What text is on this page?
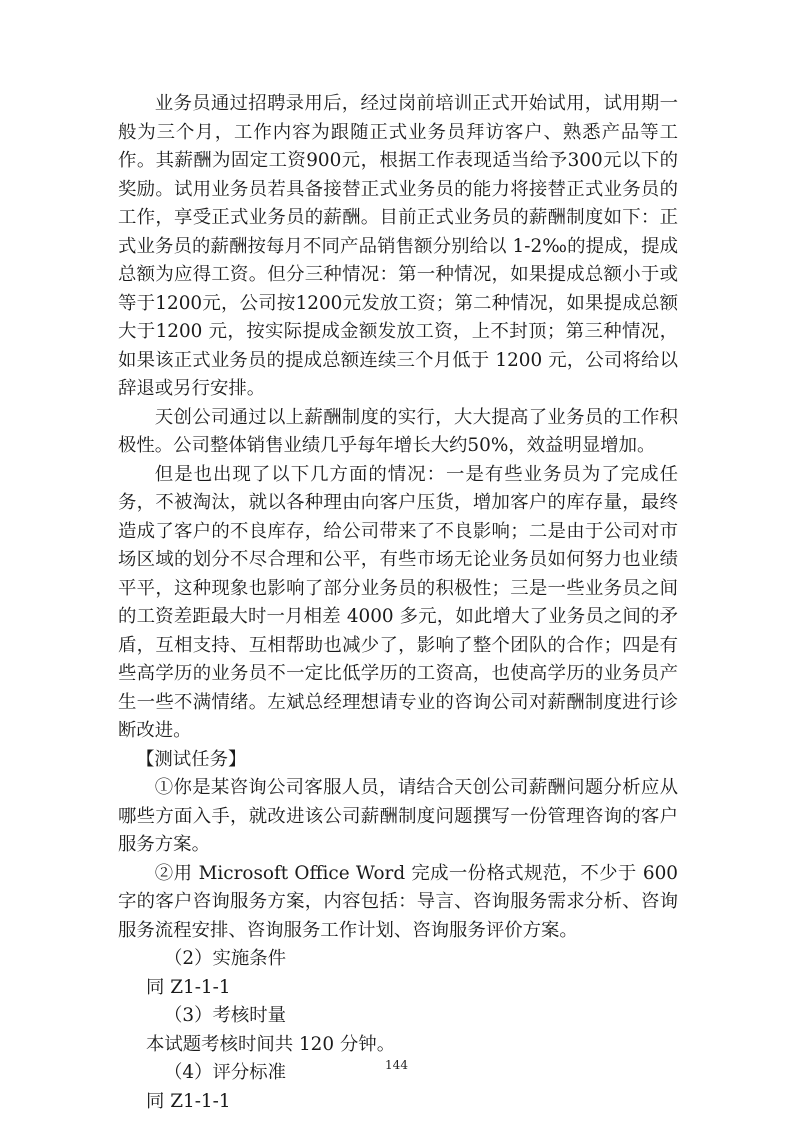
业务员通过招聘录用后，经过岗前培训正式开始试用，试用期一般为三个月，工作内容为跟随正式业务员拜访客户、熟悉产品等工作。其薪酬为固定工资900元，根据工作表现适当给予300元以下的奖励。试用业务员若具备接替正式业务员的能力将接替正式业务员的工作，享受正式业务员的薪酬。目前正式业务员的薪酬制度如下：正式业务员的薪酬按每月不同产品销售额分别给以 1-2‰的提成，提成总额为应得工资。但分三种情况：第一种情况，如果提成总额小于或等于1200元，公司按1200元发放工资；第二种情况，如果提成总额大于1200 元，按实际提成金额发放工资，上不封顶；第三种情况，如果该正式业务员的提成总额连续三个月低于 1200 元，公司将给以辞退或另行安排。

天创公司通过以上薪酬制度的实行，大大提高了业务员的工作积极性。公司整体销售业绩几乎每年增长大约50%，效益明显增加。

但是也出现了以下几方面的情况：一是有些业务员为了完成任务，不被淘汰，就以各种理由向客户压货，增加客户的库存量，最终造成了客户的不良库存，给公司带来了不良影响；二是由于公司对市场区域的划分不尽合理和公平，有些市场无论业务员如何努力也业绩平平，这种现象也影响了部分业务员的积极性；三是一些业务员之间的工资差距最大时一月相差 4000 多元，如此增大了业务员之间的矛盾，互相支持、互相帮助也减少了，影响了整个团队的合作；四是有些高学历的业务员不一定比低学历的工资高，也使高学历的业务员产生一些不满情绪。左斌总经理想请专业的咨询公司对薪酬制度进行诊断改进。

【测试任务】

①你是某咨询公司客服人员，请结合天创公司薪酬问题分析应从哪些方面入手，就改进该公司薪酬制度问题撰写一份管理咨询的客户服务方案。

②用 Microsoft Office Word 完成一份格式规范，不少于 600 字的客户咨询服务方案，内容包括：导言、咨询服务需求分析、咨询服务流程安排、咨询服务工作计划、咨询服务评价方案。

（2）实施条件

同 Z1-1-1

（3）考核时量

本试题考核时间共 120 分钟。

（4）评分标准

同 Z1-1-1

144
